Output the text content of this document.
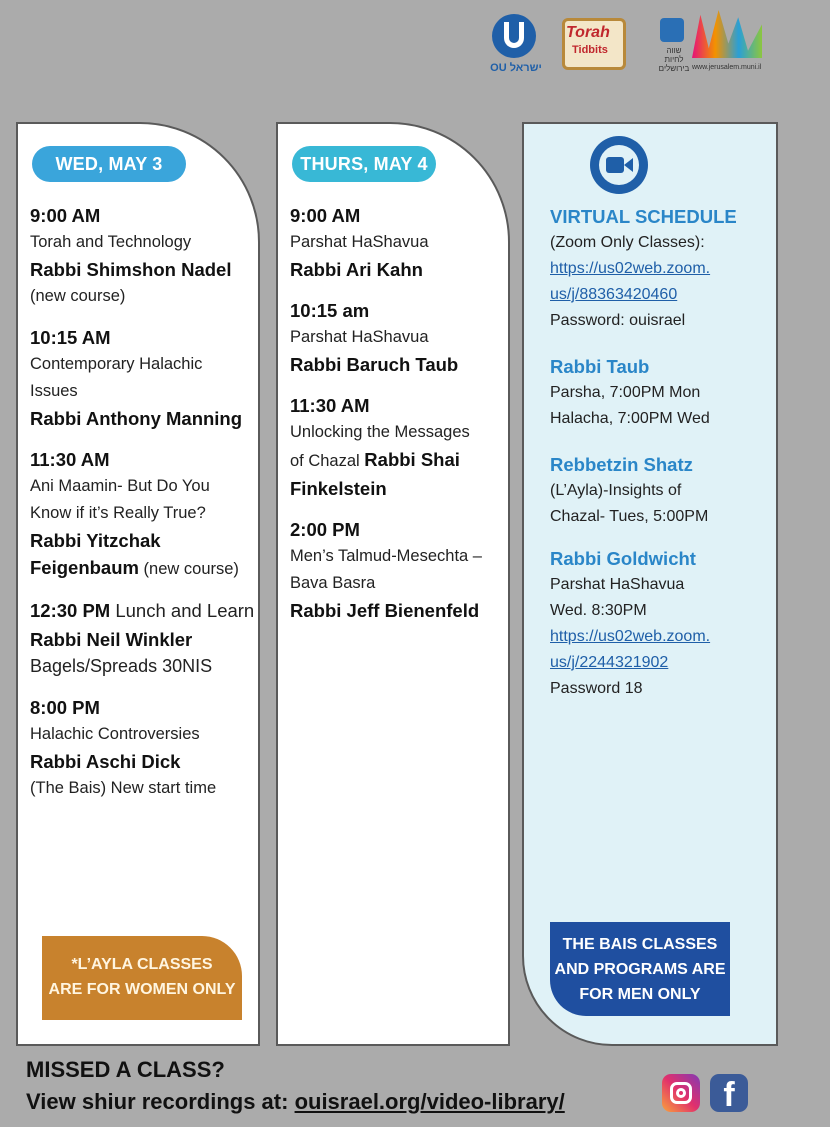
OU ישראל
Torah
Tidbits	שווה לחיות בירושלים www.jerusalem.muni.il
WED, MAY 3
9:00 AM
Torah and Technology
Rabbi Shimshon Nadel
(new course)
10:15 AM
Contemporary Halachic
Issues
Rabbi Anthony Manning
11:30 AM
Ani Maamin- But Do You
Know if it’s Really True?
Rabbi Yitzchak
Feigenbaum (new course)
12:30 PM Lunch and Learn
Rabbi Neil Winkler
Bagels/Spreads 30NIS
8:00 PM
Halachic Controversies
Rabbi Aschi Dick
(The Bais) New start time
*L’AYLA CLASSES
ARE FOR WOMEN ONLY
THURS, MAY 4
9:00 AM
Parshat HaShavua
Rabbi Ari Kahn
10:15 am
Parshat HaShavua
Rabbi Baruch Taub
11:30 AM
Unlocking the Messages
of Chazal Rabbi Shai
Finkelstein
2:00 PM
Men’s Talmud-Mesechta –
Bava Basra
Rabbi Jeff Bienenfeld
VIRTUAL SCHEDULE
(Zoom Only Classes):
https://us02web.zoom.
us/j/88363420460
Password: ouisrael
Rabbi Taub
Parsha, 7:00PM Mon
Halacha, 7:00PM Wed
Rebbetzin Shatz
(L’Ayla)-Insights of
Chazal- Tues, 5:00PM
Rabbi Goldwicht
Parshat HaShavua
Wed. 8:30PM
https://us02web.zoom.
us/j/2244321902
Password 18
THE BAIS CLASSES
AND PROGRAMS ARE
FOR MEN ONLY
MISSED A CLASS?
View shiur recordings at: ouisrael.org/video-library/	f
